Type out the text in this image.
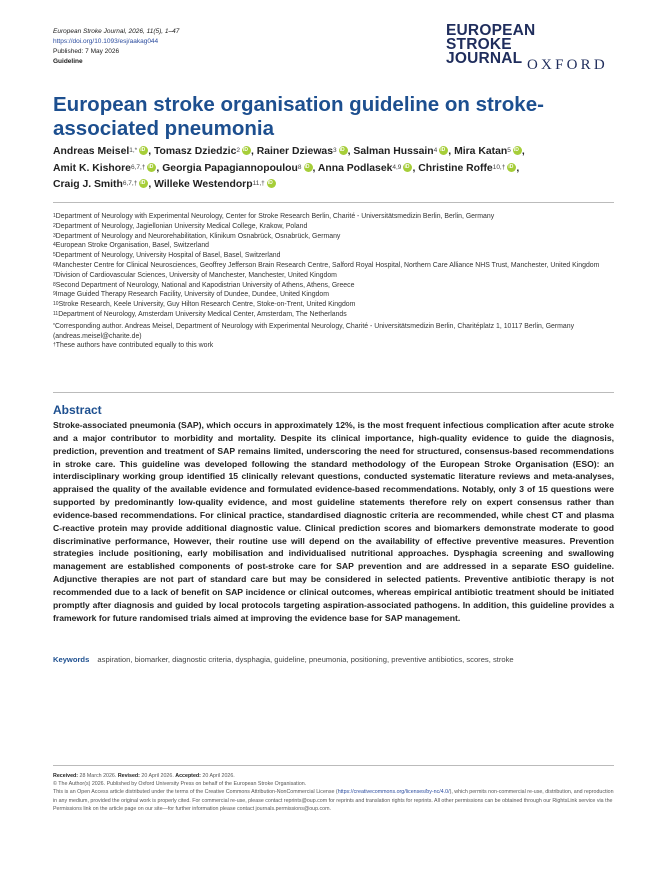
European Stroke Journal, 2026, 11(5), 1–47
https://doi.org/10.1093/esj/aakag044
Published: 7 May 2026
Guideline
EUROPEAN
STROKE
JOURNAL OXFORD
European stroke organisation guideline on stroke-associated pneumonia
Andreas Meisel$^{1,*}$ iD , Tomasz Dziedzic$^2$ iD , Rainer Dziewas$^3$ iD , Salman Hussain$^4$ iD , Mira Katan$^5$ iD ,
Amit K. Kishore$^{6,7,\dagger}$ iD , Georgia Papagiannopoulou$^8$ iD , Anna Podlasek$^{4,9}$ iD , Christine Roffe$^{10,\dagger}$ iD ,
Craig J. Smith$^{6,7,\dagger}$ iD , Willeke Westendorp$^{11,\dagger}$iD
$^1$Department of Neurology with Experimental Neurology, Center for Stroke Research Berlin, Charité - Universitätsmedizin Berlin, Berlin, Germany
$^2$Department of Neurology, Jagiellonian University Medical College, Krakow, Poland
$^3$Department of Neurology and Neurorehabilitation, Klinikum Osnabrück, Osnabrück, Germany
$^4$European Stroke Organisation, Basel, Switzerland
$^5$Department of Neurology, University Hospital of Basel, Basel, Switzerland
$^6$Manchester Centre for Clinical Neurosciences, Geoffrey Jefferson Brain Research Centre, Salford Royal Hospital, Northern Care Alliance NHS Trust, Manchester, United Kingdom
$^7$Division of Cardiovascular Sciences, University of Manchester, Manchester, United Kingdom
$^8$Second Department of Neurology, National and Kapodistrian University of Athens, Athens, Greece
$^9$Image Guided Therapy Research Facility, University of Dundee, Dundee, United Kingdom
$^{10}$Stroke Research, Keele University, Guy Hilton Research Centre, Stoke-on-Trent, United Kingdom
$^{11}$Department of Neurology, Amsterdam University Medical Center, Amsterdam, The Netherlands
*Corresponding author. Andreas Meisel, Department of Neurology with Experimental Neurology, Charité - Universitätsmedizin Berlin, Charitéplatz 1, 10117 Berlin, Germany (andreas.meisel@charite.de)
†These authors have contributed equally to this work
Abstract
Stroke-associated pneumonia (SAP), which occurs in approximately 12%, is the most frequent infectious complication after acute stroke and a major contributor to morbidity and mortality. Despite its clinical importance, high-quality evidence to guide the diagnosis, prediction, prevention and treatment of SAP remains limited, underscoring the need for structured, consensus-based recommendations in stroke care. This guideline was developed following the standard methodology of the European Stroke Organisation (ESO): an interdisciplinary working group identified 15 clinically relevant questions, conducted systematic literature reviews and meta-analyses, appraised the quality of the available evidence and formulated evidence-based recommendations. Notably, only 3 of 15 questions were supported by predominantly low-quality evidence, and most guideline statements therefore rely on expert consensus rather than evidence-based recommendations. For clinical practice, standardised diagnostic criteria are recommended, while chest CT and plasma C-reactive protein may provide additional diagnostic value. Clinical prediction scores and biomarkers demonstrate moderate to good discriminative performance, However, their routine use will depend on the availability of effective preventive measures. Prevention strategies include positioning, early mobilisation and individualised nutritional approaches. Dysphagia screening and swallowing management are established components of post-stroke care for SAP prevention and are addressed in a separate ESO guideline. Adjunctive therapies are not part of standard care but may be considered in selected patients. Preventive antibiotic therapy is not recommended due to a lack of benefit on SAP incidence or clinical outcomes, whereas empirical antibiotic treatment should be initiated promptly after diagnosis and guided by local protocols targeting aspiration-associated pathogens. In addition, this guideline provides a framework for future randomised trials aimed at improving the evidence base for SAP management.
Keywords aspiration, biomarker, diagnostic criteria, dysphagia, guideline, pneumonia, positioning, preventive antibiotics, scores, stroke
Received: 28 March 2026. Revised: 20 April 2026. Accepted: 20 April 2026.
© The Author(s) 2026. Published by Oxford University Press on behalf of the European Stroke Organisation.
This is an Open Access article distributed under the terms of the Creative Commons Attribution-NonCommercial License (https://creativecommons.org/licenses/by-nc/4.0/), which permits non-commercial re-use, distribution, and reproduction in any medium, provided the original work is properly cited. For commercial re-use, please contact reprints@oup.com for reprints and translation rights for reprints. All other permissions can be obtained through our RightsLink service via the Permissions link on the article page on our site—for further information please contact journals.permissions@oup.com.
